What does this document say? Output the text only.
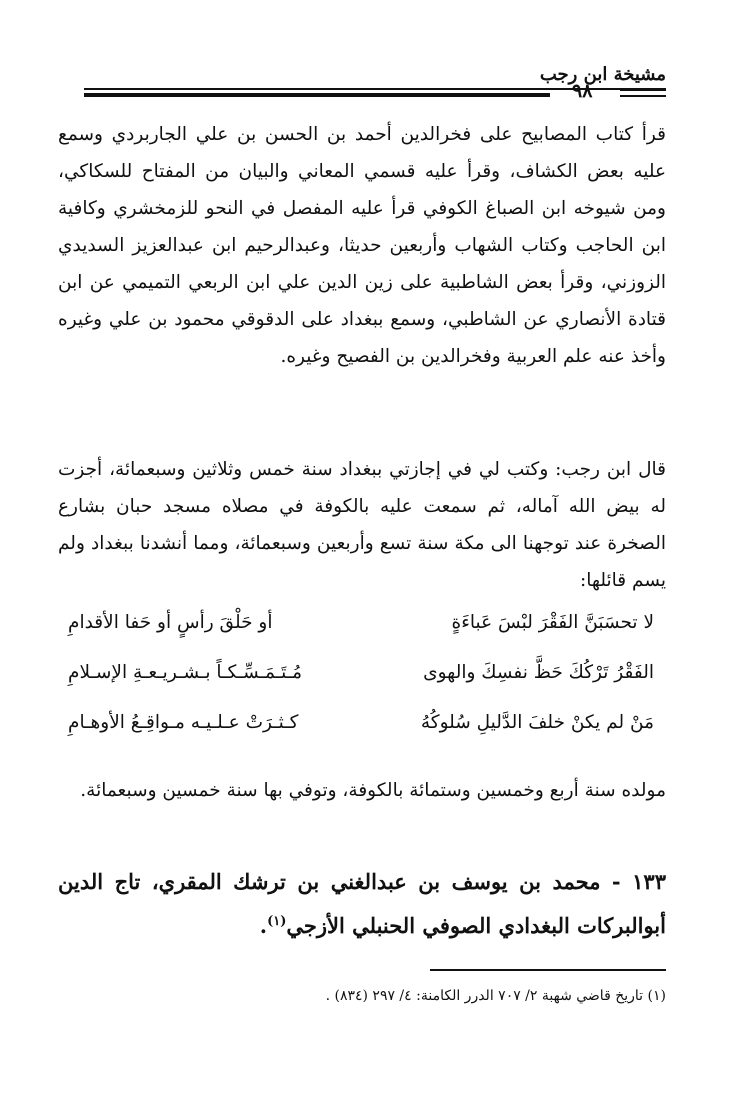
مشيخة ابن رجب
٩٨
قرأ كتاب المصابيح على فخرالدين أحمد بن الحسن بن علي الجاربردي وسمع عليه بعض الكشاف، وقرأ عليه قسمي المعاني والبيان من المفتاح للسكاكي، ومن شيوخه ابن الصباغ الكوفي قرأ عليه المفصل في النحو للزمخشري وكافية ابن الحاجب وكتاب الشهاب وأربعين حديثا، وعبدالرحيم ابن عبدالعزيز السديدي الزوزني، وقرأ بعض الشاطبية على زين الدين علي ابن الربعي التميمي عن ابن قتادة الأنصاري عن الشاطبي، وسمع ببغداد على الدقوقي محمود بن علي وغيره وأخذ عنه علم العربية وفخرالدين بن الفصيح وغيره.
قال ابن رجب: وكتب لي في إجازتي ببغداد سنة خمس وثلاثين وسبعمائة، أجزت له بيض الله آماله، ثم سمعت عليه بالكوفة في مصلاه مسجد حبان بشارع الصخرة عند توجهنا الى مكة سنة تسع وأربعين وسبعمائة، ومما أنشدنا ببغداد ولم يسم قائلها:
لا تحسَبَنَّ الفَقْرَ لبْسَ عَباءَةٍ
أو حَلْقَ رأسٍ أو حَفا الأقدامِ
الفَقْرُ تَرْكُكَ حَظَّ نفسِكَ والهوى
مُـتَـمَـسِّـكـاً بـشـريـعـةِ الإسـلامِ
مَنْ لم يكنْ خلفَ الدَّليلِ سُلوكُهُ
كـثـرَتْ عـلـيـه مـواقِـعُ الأوهـامِ
مولده سنة أربع وخمسين وستمائة بالكوفة، وتوفي بها سنة خمسين وسبعمائة.
١٣٣ - محمد بن يوسف بن عبدالغني بن ترشك المقري، تاج الدين أبوالبركات البغدادي الصوفي الحنبلي الأزجي$^{(١)}$.
(١) تاريخ قاضي شهبة ٢/ ٧٠٧ الدرر الكامنة: ٤/ ٢٩٧ (٨٣٤) .
